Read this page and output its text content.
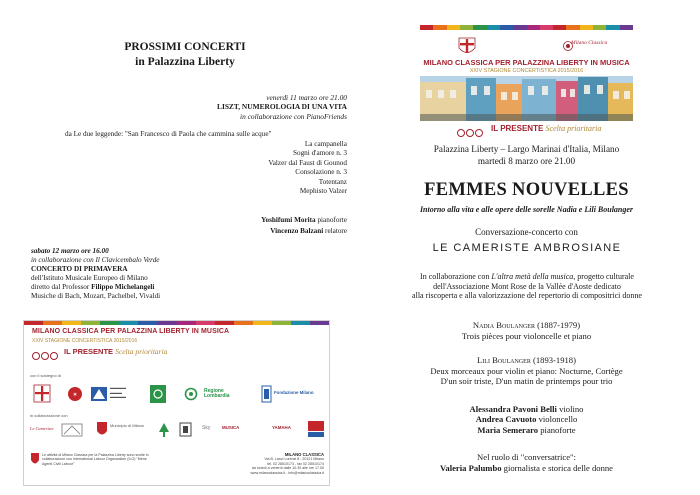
PROSSIMI CONCERTI
in Palazzina Liberty
venerdì 11 marzo ore 21.00
LISZT, NUMEROLOGIA DI UNA VITA
in collaborazione con PianoFriends
da Le due leggende: "San Francesco di Paola che cammina sulle acque"
La campanella
Sogni d'amore n. 3
Valzer dal Faust di Gounod
Consolazione n. 3
Totentanz
Mephisto Valzer
Yoshifumi Morita pianoforte
Vincenzo Balzani relatore
sabato 12 marzo ore 16.00
in collaborazione con Il Clavicembalo Verde
CONCERTO DI PRIMAVERA
dell'Istituto Musicale Europeo di Milano
diretto dal Professor Filippo Michelangeli
Musiche di Bach, Mozart, Pachelbel, Vivaldi
MILANO CLASSICA PER PALAZZINA LIBERTY IN MUSICA
XXIV STAGIONE CONCERTISTICA 2015/2016
IL PRESENTE Scelta prioritaria
con il sostegno di
✶
▬▬▬▬
▬▬▬
▬▬▬▬
Regione Lombardia
Fondazione Milano
in collaborazione con
Le Cameriste
Municipio di Milano	Sky	MUSICA	YAMAHA
Le attività di Milano Classica per la Palazzina Liberty sono svolte in collaborazione con International Labour Organization (ILO) "Mene Agenti Civili Labour"
MILANO CLASSICA
Via B. Lanzi Lorenzi 8 - 20121 Milano
tel. 02 28510173 - fax 02 28510174
da lunedì a venerdì dalle 10.30 alle ore 17.00
www.milanoclassica.it - info@milanoclassica.it
Milano Classica
MILANO CLASSICA PER PALAZZINA LIBERTY IN MUSICA
XXIV STAGIONE CONCERTISTICA 2015/2016
IL PRESENTE Scelta prioritaria
Palazzina Liberty – Largo Marinai d'Italia, Milano
martedì 8 marzo ore 21.00
FEMMES NOUVELLES
Intorno alla vita e alle opere delle sorelle Nadia e Lili Boulanger
Conversazione-concerto con
LE CAMERISTE AMBROSIANE
In collaborazione con L'altra metà della musica, progetto culturale
dell'Associazione Mont Rose de la Vallée d'Aoste dedicato
alla riscoperta e alla valorizzazione del repertorio di compositrici donne
Nadia Boulanger (1887-1979)
Trois pièces pour violoncelle et piano
Lili Boulanger (1893-1918)
Deux morceaux pour violin et piano: Nocturne, Cortège
D'un soir triste, D'un matin de printemps pour trio
Alessandra Pavoni Belli violino
Andrea Cavuoto violoncello
Maria Semeraro pianoforte
Nel ruolo di "conversatrice":
Valeria Palumbo giornalista e storica delle donne
